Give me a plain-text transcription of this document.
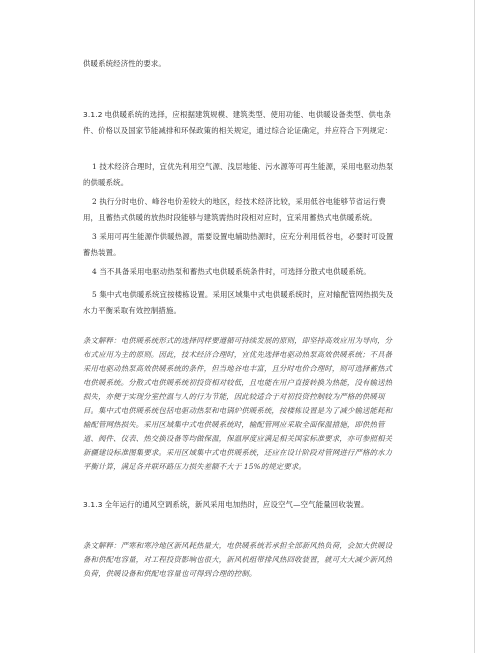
供暖系统经济性的要求。

3.1.2 电供暖系统的选择，应根据建筑规模、建筑类型、使用功能、电供暖设备类型、供电条件、价格以及国家节能减排和环保政策的相关规定，通过综合论证确定，并应符合下列规定：

1 技术经济合理时，宜优先利用空气源、浅层地能、污水源等可再生能源，采用电驱动热泵的供暖系统。

2 执行分时电价、峰谷电价差较大的地区，经技术经济比较，采用低谷电能够节省运行费用，且蓄热式供暖的放热时段能够与建筑需热时段相对应时，宜采用蓄热式电供暖系统。

3 采用可再生能源作供暖热源，需要设置电辅助热源时，应充分利用低谷电，必要时可设置蓄热装置。

4 当不具备采用电驱动热泵和蓄热式电供暖系统条件时，可选择分散式电供暖系统。

5 集中式电供暖系统宜按楼栋设置。采用区域集中式电供暖系统时，应对输配管网热损失及水力平衡采取有效控制措施。

条文解释：电供暖系统形式的选择同样要遵循可持续发展的原则，即坚持高效应用为导向，分布式应用为主的原则。因此，技术经济合理时，宜优先选择电驱动热泵高效供暖系统；不具备采用电驱动热泵高效供暖系统的条件，但当地谷电丰富，且分时电价合理时，则可选择蓄热式电供暖系统。分散式电供暖系统初投资相对较低，且电能在用户直接转换为热能，没有输送热损失，亦便于实现分室控温与人的行为节能，因此较适合于对初投资控制较为严格的供暖项目。集中式电供暖系统包括电驱动热泵和电锅炉供暖系统，按楼栋设置是为了减少输送能耗和输配管网热损失。采用区域集中式电供暖系统时，输配管网应采取全面保温措施，即供热管道、阀件、仪表、热交换设备等均做保温，保温厚度应满足相关国家标准要求，亦可参照相关新疆建设标准图集要求。采用区域集中式电供暖系统，还应在设计阶段对管网进行严格的水力平衡计算，满足各并联环路压力损失差额不大于 15%的规定要求。

3.1.3 全年运行的通风空调系统，新风采用电加热时，应设空气—空气能量回收装置。

条文解释：严寒和寒冷地区新风耗热量大，电供暖系统若承担全部新风热负荷，会加大供暖设备和供配电容量，对工程投资影响也很大，新风机组带排风热回收装置，就可大大减少新风热负荷，供暖设备和供配电容量也可得到合理的控制。
